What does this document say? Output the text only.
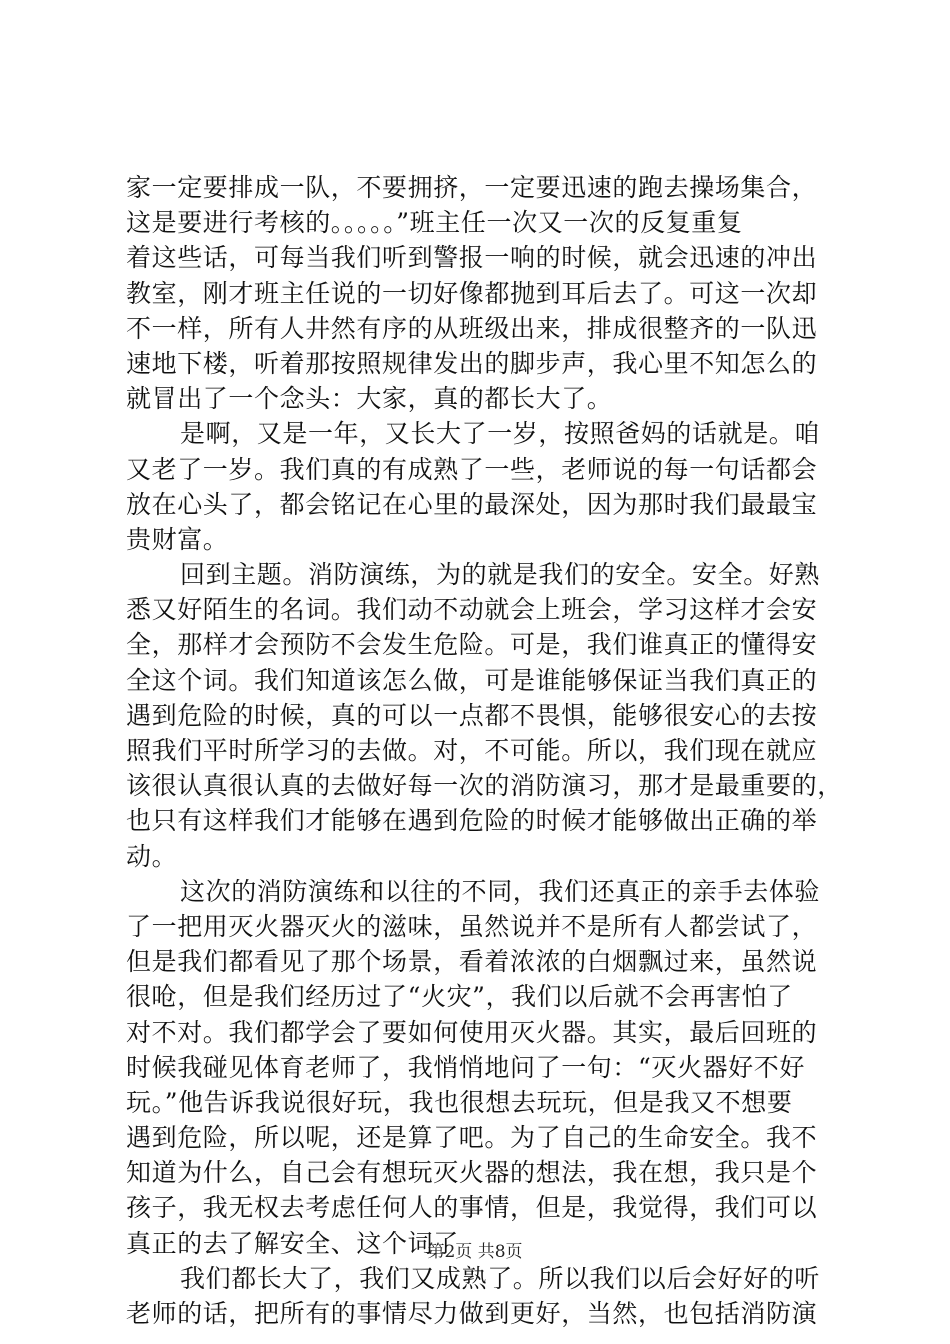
家一定要排成一队，不要拥挤，一定要迅速的跑去操场集合，
这是要进行考核的。。。。。”班主任一次又一次的反复重复
着这些话，可每当我们听到警报一响的时候，就会迅速的冲出
教室，刚才班主任说的一切好像都抛到耳后去了。可这一次却
不一样，所有人井然有序的从班级出来，排成很整齐的一队迅
速地下楼，听着那按照规律发出的脚步声，我心里不知怎么的
就冒出了一个念头：大家，真的都长大了。
是啊，又是一年，又长大了一岁，按照爸妈的话就是。咱
又老了一岁。我们真的有成熟了一些，老师说的每一句话都会
放在心头了，都会铭记在心里的最深处，因为那时我们最最宝
贵财富。
回到主题。消防演练，为的就是我们的安全。安全。好熟
悉又好陌生的名词。我们动不动就会上班会，学习这样才会安
全，那样才会预防不会发生危险。可是，我们谁真正的懂得安
全这个词。我们知道该怎么做，可是谁能够保证当我们真正的
遇到危险的时候，真的可以一点都不畏惧，能够很安心的去按
照我们平时所学习的去做。对，不可能。所以，我们现在就应
该很认真很认真的去做好每一次的消防演习，那才是最重要的，
也只有这样我们才能够在遇到危险的时候才能够做出正确的举
动。
这次的消防演练和以往的不同，我们还真正的亲手去体验
了一把用灭火器灭火的滋味，虽然说并不是所有人都尝试了，
但是我们都看见了那个场景，看着浓浓的白烟飘过来，虽然说
很呛，但是我们经历过了“火灾”，我们以后就不会再害怕了
对不对。我们都学会了要如何使用灭火器。其实，最后回班的
时候我碰见体育老师了，我悄悄地问了一句：“灭火器好不好
玩。”他告诉我说很好玩，我也很想去玩玩，但是我又不想要
遇到危险，所以呢，还是算了吧。为了自己的生命安全。我不
知道为什么，自己会有想玩灭火器的想法，我在想，我只是个
孩子，我无权去考虑任何人的事情，但是，我觉得，我们可以
真正的去了解安全、这个词了
我们都长大了，我们又成熟了。所以我们以后会好好的听
老师的话，把所有的事情尽力做到更好，当然，也包括消防演
第2页 共8页
